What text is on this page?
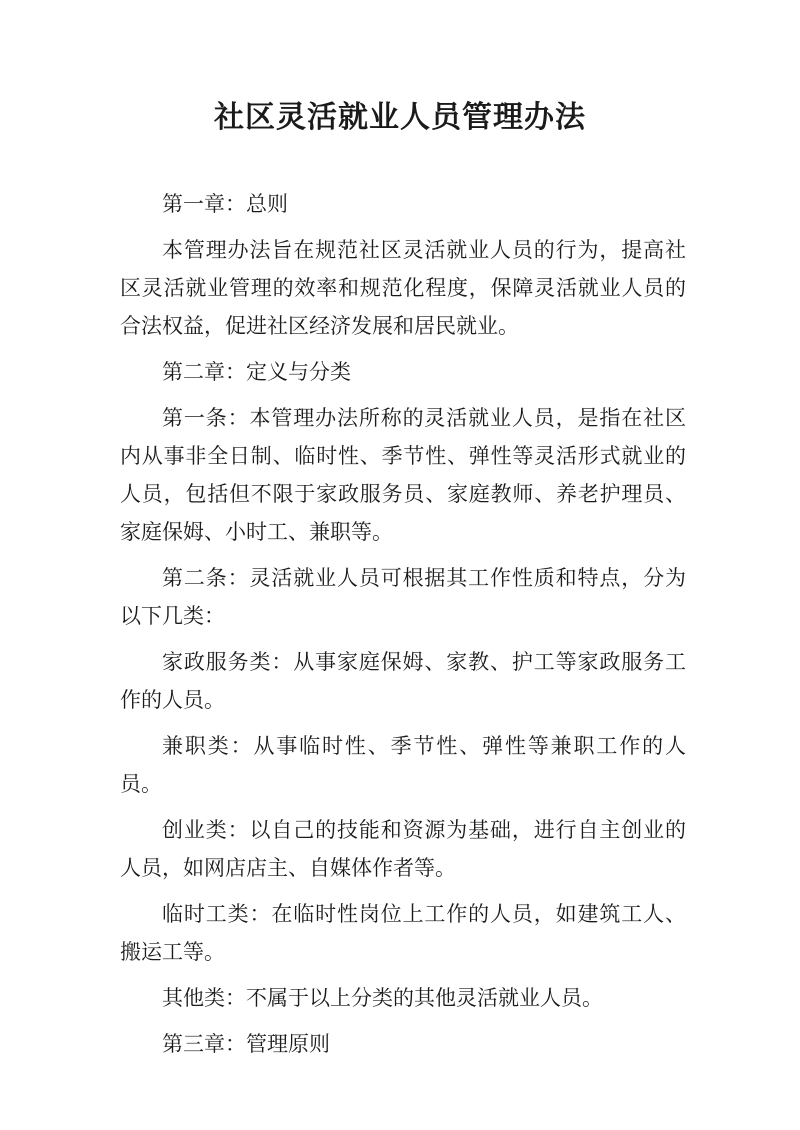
社区灵活就业人员管理办法

第一章：总则

本管理办法旨在规范社区灵活就业人员的行为，提高社区灵活就业管理的效率和规范化程度，保障灵活就业人员的合法权益，促进社区经济发展和居民就业。

第二章：定义与分类

第一条：本管理办法所称的灵活就业人员，是指在社区内从事非全日制、临时性、季节性、弹性等灵活形式就业的人员，包括但不限于家政服务员、家庭教师、养老护理员、家庭保姆、小时工、兼职等。

第二条：灵活就业人员可根据其工作性质和特点，分为以下几类：

家政服务类：从事家庭保姆、家教、护工等家政服务工作的人员。

兼职类：从事临时性、季节性、弹性等兼职工作的人员。

创业类：以自己的技能和资源为基础，进行自主创业的人员，如网店店主、自媒体作者等。

临时工类：在临时性岗位上工作的人员，如建筑工人、搬运工等。

其他类：不属于以上分类的其他灵活就业人员。

第三章：管理原则
